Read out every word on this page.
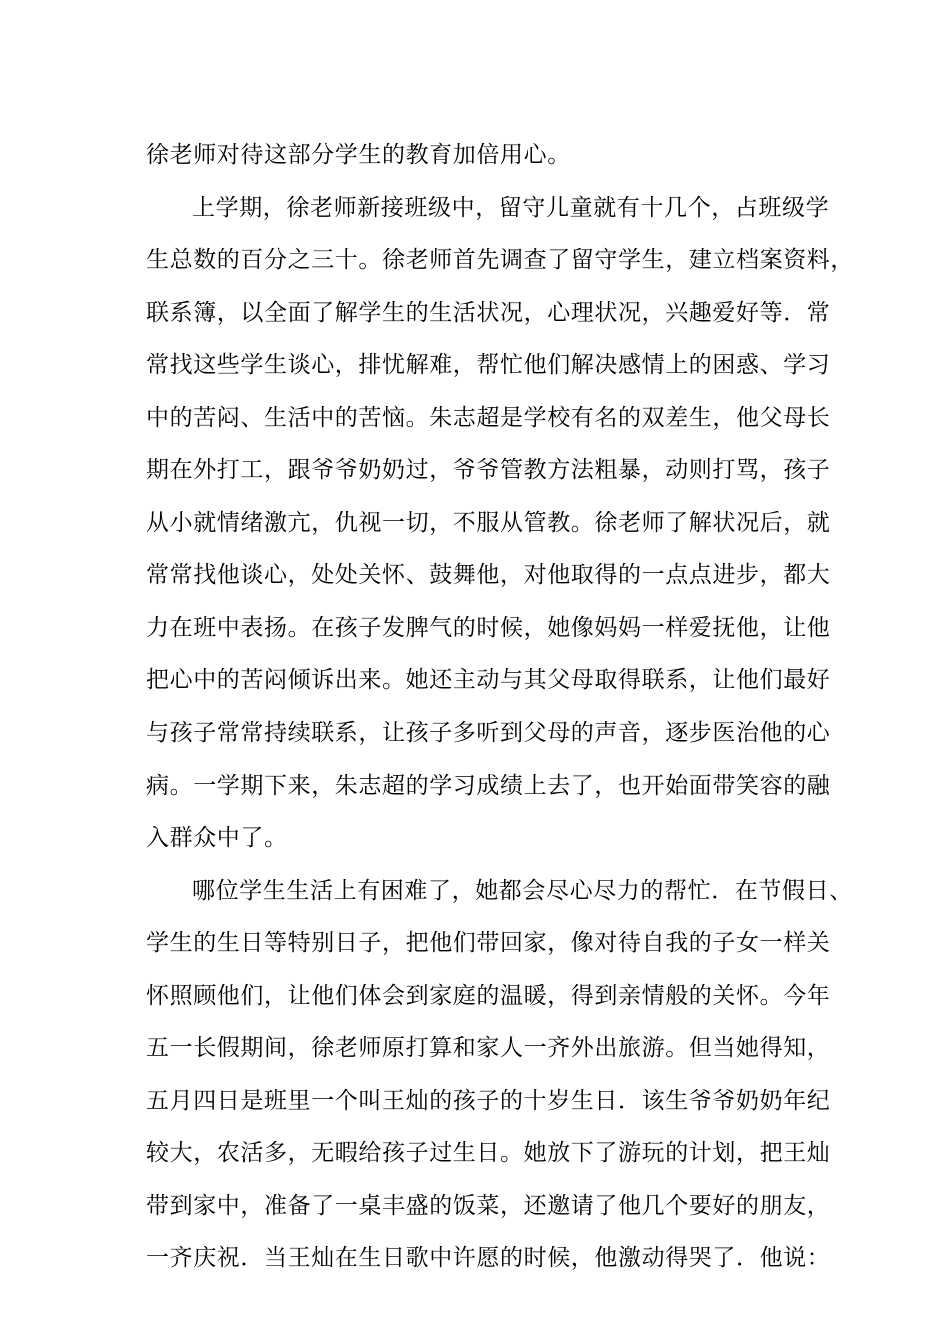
徐老师对待这部分学生的教育加倍用心。
上学期，徐老师新接班级中，留守儿童就有十几个，占班级学
生总数的百分之三十。徐老师首先调查了留守学生，建立档案资料，
联系簿，以全面了解学生的生活状况，心理状况，兴趣爱好等．常
常找这些学生谈心，排忧解难，帮忙他们解决感情上的困惑、学习
中的苦闷、生活中的苦恼。朱志超是学校有名的双差生，他父母长
期在外打工，跟爷爷奶奶过，爷爷管教方法粗暴，动则打骂，孩子
从小就情绪激亢，仇视一切，不服从管教。徐老师了解状况后，就
常常找他谈心，处处关怀、鼓舞他，对他取得的一点点进步，都大
力在班中表扬。在孩子发脾气的时候，她像妈妈一样爱抚他，让他
把心中的苦闷倾诉出来。她还主动与其父母取得联系，让他们最好
与孩子常常持续联系，让孩子多听到父母的声音，逐步医治他的心
病。一学期下来，朱志超的学习成绩上去了，也开始面带笑容的融
入群众中了。
哪位学生生活上有困难了，她都会尽心尽力的帮忙．在节假日、
学生的生日等特别日子，把他们带回家，像对待自我的子女一样关
怀照顾他们，让他们体会到家庭的温暖，得到亲情般的关怀。今年
五一长假期间，徐老师原打算和家人一齐外出旅游。但当她得知，
五月四日是班里一个叫王灿的孩子的十岁生日．该生爷爷奶奶年纪
较大，农活多，无暇给孩子过生日。她放下了游玩的计划，把王灿
带到家中，准备了一桌丰盛的饭菜，还邀请了他几个要好的朋友，
一齐庆祝．当王灿在生日歌中许愿的时候，他激动得哭了．他说：
